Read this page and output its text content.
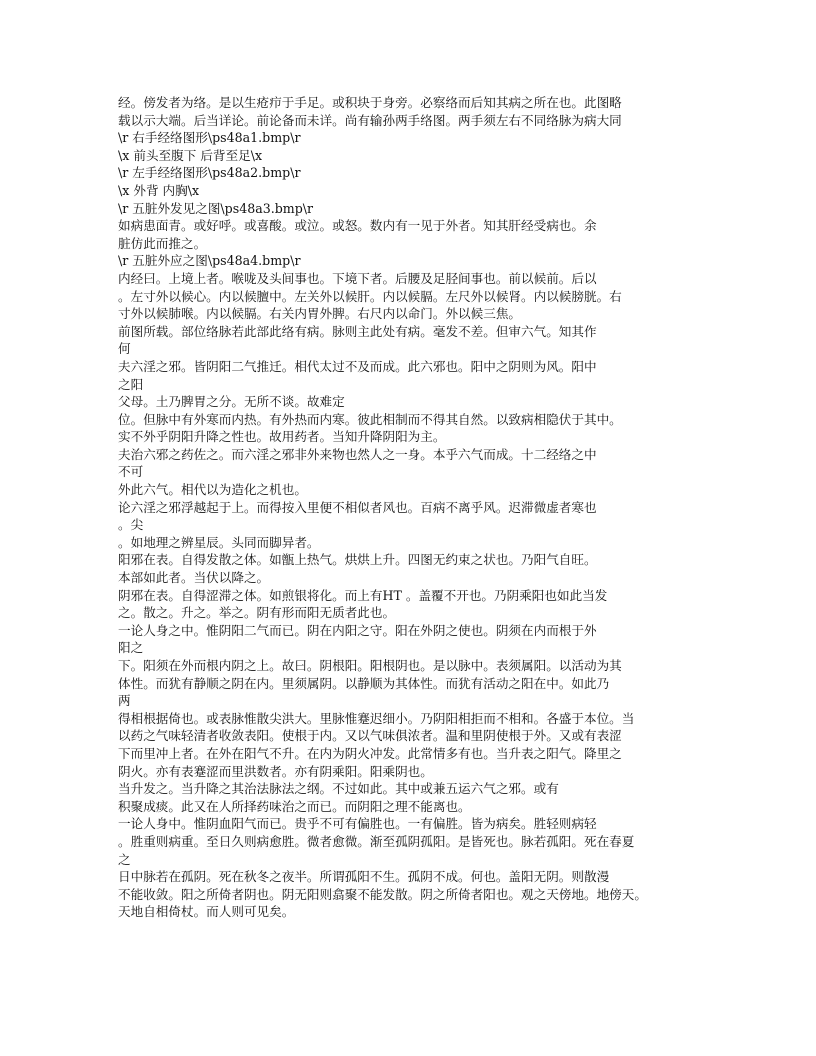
经。傍发者为络。是以生疮疖于手足。或积块于身旁。必察络而后知其病之所在也。此图略
载以示大端。后当详论。前论备而未详。尚有输孙两手络图。两手须左右不同络脉为病大同
\r 右手经络图形\ps48a1.bmp\r
\x 前头至腹下 后背至足\x
\r 左手经络图形\ps48a2.bmp\r
\x 外背 内胸\x
\r 五脏外发见之图\ps48a3.bmp\r
如病患面青。或好呼。或喜酸。或泣。或怒。数内有一见于外者。知其肝经受病也。余
脏仿此而推之。
\r 五脏外应之图\ps48a4.bmp\r
内经曰。上境上者。喉咙及头间事也。下境下者。后腰及足胫间事也。前以候前。后以
。左寸外以候心。内以候膻中。左关外以候肝。内以候膈。左尺外以候肾。内以候膀胱。右
寸外以候肺喉。内以候膈。右关内胃外脾。右尺内以命门。外以候三焦。
前图所载。部位络脉若此部此络有病。脉则主此处有病。毫发不差。但审六气。知其作
何
夫六淫之邪。皆阴阳二气推迁。相代太过不及而成。此六邪也。阳中之阴则为风。阳中
之阳
父母。土乃脾胃之分。无所不谈。故难定
位。但脉中有外寒而内热。有外热而内寒。彼此相制而不得其自然。以致病相隐伏于其中。
实不外乎阴阳升降之性也。故用药者。当知升降阴阳为主。
夫治六邪之药佐之。而六淫之邪非外来物也然人之一身。本乎六气而成。十二经络之中
不可
外此六气。相代以为造化之机也。
论六淫之邪浮越起于上。而得按入里便不相似者风也。百病不离乎风。迟滞微虚者寒也
。尖
。如地理之辨星辰。头同而脚异者。
阳邪在表。自得发散之体。如甑上热气。烘烘上升。四图无约束之状也。乃阳气自旺。
本部如此者。当伏以降之。
阴邪在表。自得涩滞之体。如煎银将化。而上有HT 。盖覆不开也。乃阴乘阳也如此当发
之。散之。升之。举之。阴有形而阳无质者此也。
一论人身之中。惟阴阳二气而已。阴在内阳之守。阳在外阴之使也。阴须在内而根于外
阳之
下。阳须在外而根内阴之上。故曰。阴根阳。阳根阴也。是以脉中。表须属阳。以活动为其
体性。而犹有静顺之阴在内。里须属阴。以静顺为其体性。而犹有活动之阳在中。如此乃
两
得相根据倚也。或表脉惟散尖洪大。里脉惟蹇迟细小。乃阴阳相拒而不相和。各盛于本位。当
以药之气味轻清者收敛表阳。使根于内。又以气味俱浓者。温和里阴使根于外。又或有表涩
下而里冲上者。在外在阳气不升。在内为阴火冲发。此常情多有也。当升表之阳气。降里之
阴火。亦有表蹇涩而里洪数者。亦有阴乘阳。阳乘阴也。
当升发之。当升降之其治法脉法之纲。不过如此。其中或兼五运六气之邪。或有
积聚成痰。此又在人所择药味治之而已。而阴阳之理不能离也。
一论人身中。惟阴血阳气而已。贵乎不可有偏胜也。一有偏胜。皆为病矣。胜轻则病轻
。胜重则病重。至日久则病愈胜。微者愈微。渐至孤阴孤阳。是皆死也。脉若孤阳。死在春夏
之
日中脉若在孤阴。死在秋冬之夜半。所谓孤阳不生。孤阴不成。何也。盖阳无阴。则散漫
不能收敛。阳之所倚者阴也。阴无阳则翕聚不能发散。阴之所倚者阳也。观之天傍地。地傍天。
天地自相倚杖。而人则可见矣。
